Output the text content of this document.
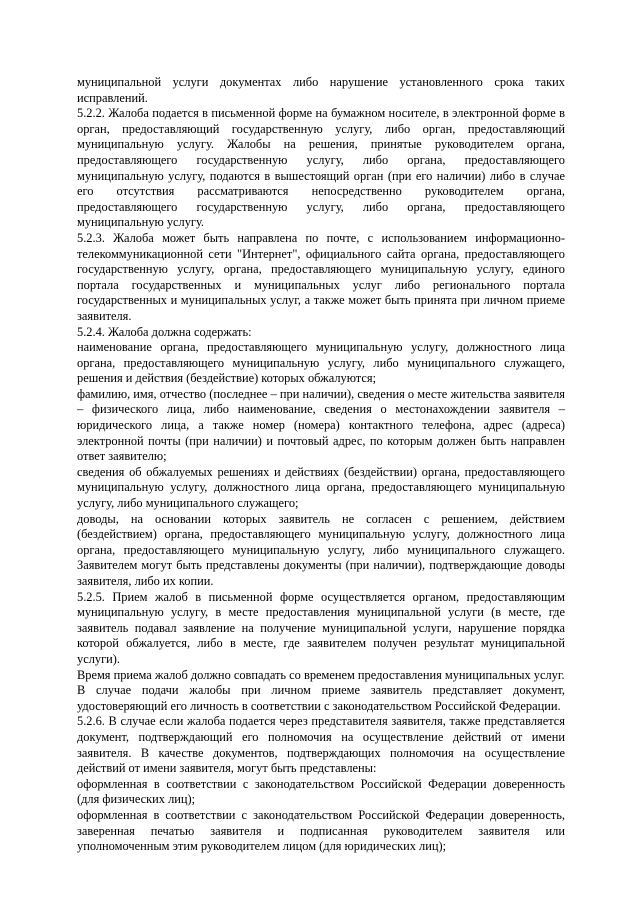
муниципальной услуги документах либо нарушение установленного срока таких исправлений.

5.2.2. Жалоба подается в письменной форме на бумажном носителе, в электронной форме в орган, предоставляющий государственную услугу, либо орган, предоставляющий муниципальную услугу. Жалобы на решения, принятые руководителем органа, предоставляющего государственную услугу, либо органа, предоставляющего муниципальную услугу, подаются в вышестоящий орган (при его наличии) либо в случае его отсутствия рассматриваются непосредственно руководителем органа, предоставляющего государственную услугу, либо органа, предоставляющего муниципальную услугу.

5.2.3. Жалоба может быть направлена по почте, с использованием информационно-телекоммуникационной сети "Интернет", официального сайта органа, предоставляющего государственную услугу, органа, предоставляющего муниципальную услугу, единого портала государственных и муниципальных услуг либо регионального портала государственных и муниципальных услуг, а также может быть принята при личном приеме заявителя.

5.2.4. Жалоба должна содержать:

наименование органа, предоставляющего муниципальную услугу, должностного лица органа, предоставляющего муниципальную услугу, либо муниципального служащего, решения и действия (бездействие) которых обжалуются;

фамилию, имя, отчество (последнее – при наличии), сведения о месте жительства заявителя – физического лица, либо наименование, сведения о местонахождении заявителя – юридического лица, а также номер (номера) контактного телефона, адрес (адреса) электронной почты (при наличии) и почтовый адрес, по которым должен быть направлен ответ заявителю;

сведения об обжалуемых решениях и действиях (бездействии) органа, предоставляющего муниципальную услугу, должностного лица органа, предоставляющего муниципальную услугу, либо муниципального служащего;

доводы, на основании которых заявитель не согласен с решением, действием (бездействием) органа, предоставляющего муниципальную услугу, должностного лица органа, предоставляющего муниципальную услугу, либо муниципального служащего. Заявителем могут быть представлены документы (при наличии), подтверждающие доводы заявителя, либо их копии.

5.2.5. Прием жалоб в письменной форме осуществляется органом, предоставляющим муниципальную услугу, в месте предоставления муниципальной услуги (в месте, где заявитель подавал заявление на получение муниципальной услуги, нарушение порядка которой обжалуется, либо в месте, где заявителем получен результат муниципальной услуги).

Время приема жалоб должно совпадать со временем предоставления муниципальных услуг.

В случае подачи жалобы при личном приеме заявитель представляет документ, удостоверяющий его личность в соответствии с законодательством Российской Федерации.

5.2.6. В случае если жалоба подается через представителя заявителя, также представляется документ, подтверждающий его полномочия на осуществление действий от имени заявителя. В качестве документов, подтверждающих полномочия на осуществление действий от имени заявителя, могут быть представлены:

оформленная в соответствии с законодательством Российской Федерации доверенность (для физических лиц);

оформленная в соответствии с законодательством Российской Федерации доверенность, заверенная печатью заявителя и подписанная руководителем заявителя или уполномоченным этим руководителем лицом (для юридических лиц);
